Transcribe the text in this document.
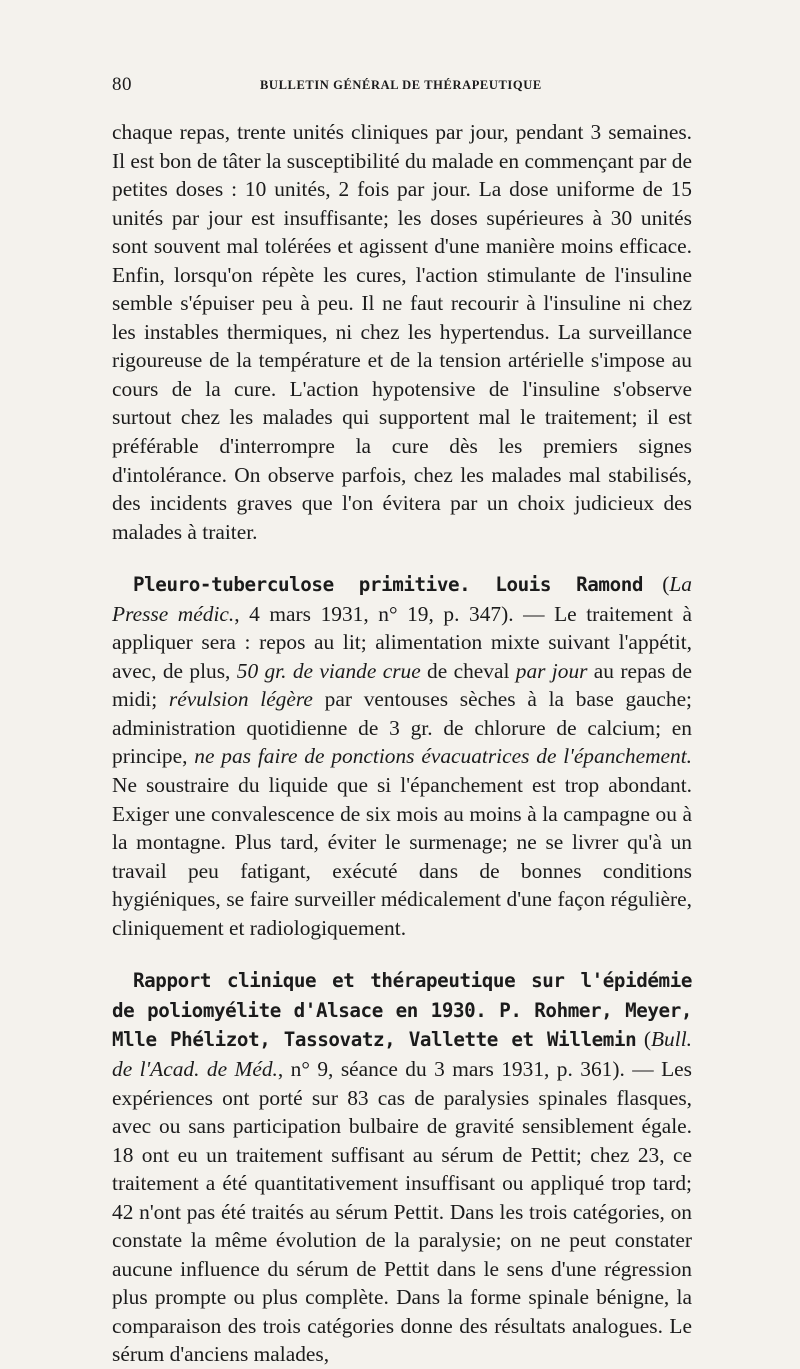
80	BULLETIN GÉNÉRAL DE THÉRAPEUTIQUE

chaque repas, trente unités cliniques par jour, pendant 3 semaines. Il est bon de tâter la susceptibilité du malade en commençant par de petites doses : 10 unités, 2 fois par jour. La dose uniforme de 15 unités par jour est insuffisante; les doses supérieures à 30 unités sont souvent mal tolérées et agissent d'une manière moins efficace. Enfin, lorsqu'on répète les cures, l'action stimulante de l'insuline semble s'épuiser peu à peu. Il ne faut recourir à l'insuline ni chez les instables thermiques, ni chez les hypertendus. La surveillance rigoureuse de la température et de la tension artérielle s'impose au cours de la cure. L'action hypotensive de l'insuline s'observe surtout chez les malades qui supportent mal le traitement; il est préférable d'interrompre la cure dès les premiers signes d'intolérance. On observe parfois, chez les malades mal stabilisés, des incidents graves que l'on évitera par un choix judicieux des malades à traiter.

Pleuro-tuberculose primitive. Louis Ramond (La Presse médic., 4 mars 1931, n° 19, p. 347). — Le traitement à appliquer sera : repos au lit; alimentation mixte suivant l'appétit, avec, de plus, 50 gr. de viande crue de cheval par jour au repas de midi; révulsion légère par ventouses sèches à la base gauche; administration quotidienne de 3 gr. de chlorure de calcium; en principe, ne pas faire de ponctions évacuatrices de l'épanchement. Ne soustraire du liquide que si l'épanchement est trop abondant. Exiger une convalescence de six mois au moins à la campagne ou à la montagne. Plus tard, éviter le surmenage; ne se livrer qu'à un travail peu fatigant, exécuté dans de bonnes conditions hygiéniques, se faire surveiller médicalement d'une façon régulière, cliniquement et radiologiquement.

Rapport clinique et thérapeutique sur l'épidémie de poliomyélite d'Alsace en 1930. P. Rohmer, Meyer, Mlle Phélizot, Tassovatz, Vallette et Willemin (Bull. de l'Acad. de Méd., n° 9, séance du 3 mars 1931, p. 361). — Les expériences ont porté sur 83 cas de paralysies spinales flasques, avec ou sans participation bulbaire de gravité sensiblement égale. 18 ont eu un traitement suffisant au sérum de Pettit; chez 23, ce traitement a été quantitativement insuffisant ou appliqué trop tard; 42 n'ont pas été traités au sérum Pettit. Dans les trois catégories, on constate la même évolution de la paralysie; on ne peut constater aucune influence du sérum de Pettit dans le sens d'une régression plus prompte ou plus complète. Dans la forme spinale bénigne, la comparaison des trois catégories donne des résultats analogues. Le sérum d'anciens malades,
